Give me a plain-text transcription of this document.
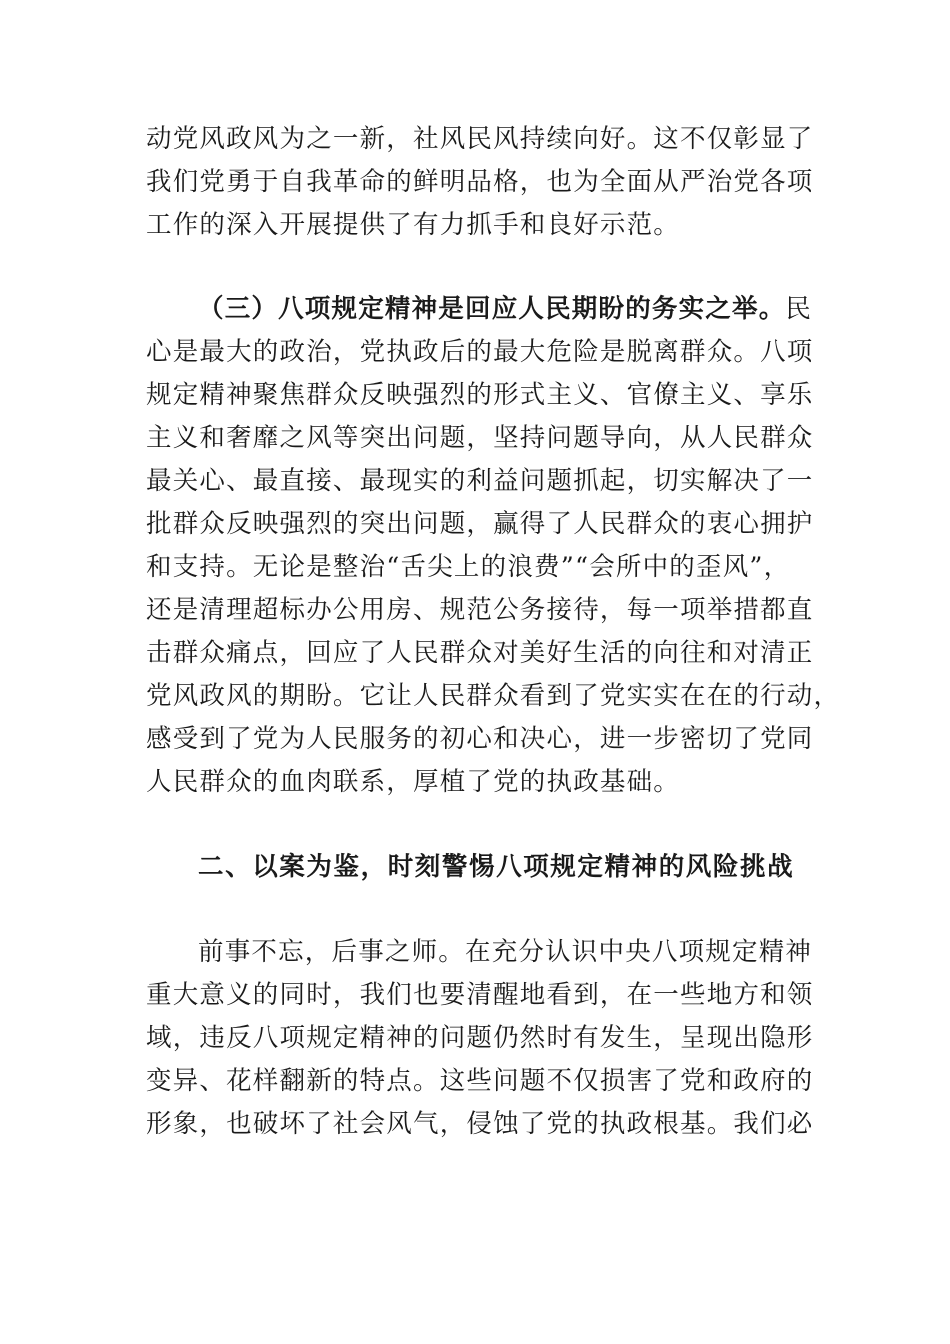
动党风政风为之一新，社风民风持续向好。这不仅彰显了
我们党勇于自我革命的鲜明品格，也为全面从严治党各项
工作的深入开展提供了有力抓手和良好示范。
（三）八项规定精神是回应人民期盼的务实之举。民
心是最大的政治，党执政后的最大危险是脱离群众。八项
规定精神聚焦群众反映强烈的形式主义、官僚主义、享乐
主义和奢靡之风等突出问题，坚持问题导向，从人民群众
最关心、最直接、最现实的利益问题抓起，切实解决了一
批群众反映强烈的突出问题，赢得了人民群众的衷心拥护
和支持。无论是整治“舌尖上的浪费”“会所中的歪风”，
还是清理超标办公用房、规范公务接待，每一项举措都直
击群众痛点，回应了人民群众对美好生活的向往和对清正
党风政风的期盼。它让人民群众看到了党实实在在的行动，
感受到了党为人民服务的初心和决心，进一步密切了党同
人民群众的血肉联系，厚植了党的执政基础。
二、以案为鉴，时刻警惕八项规定精神的风险挑战
前事不忘，后事之师。在充分认识中央八项规定精神
重大意义的同时，我们也要清醒地看到，在一些地方和领
域，违反八项规定精神的问题仍然时有发生，呈现出隐形
变异、花样翻新的特点。这些问题不仅损害了党和政府的
形象，也破坏了社会风气，侵蚀了党的执政根基。我们必
